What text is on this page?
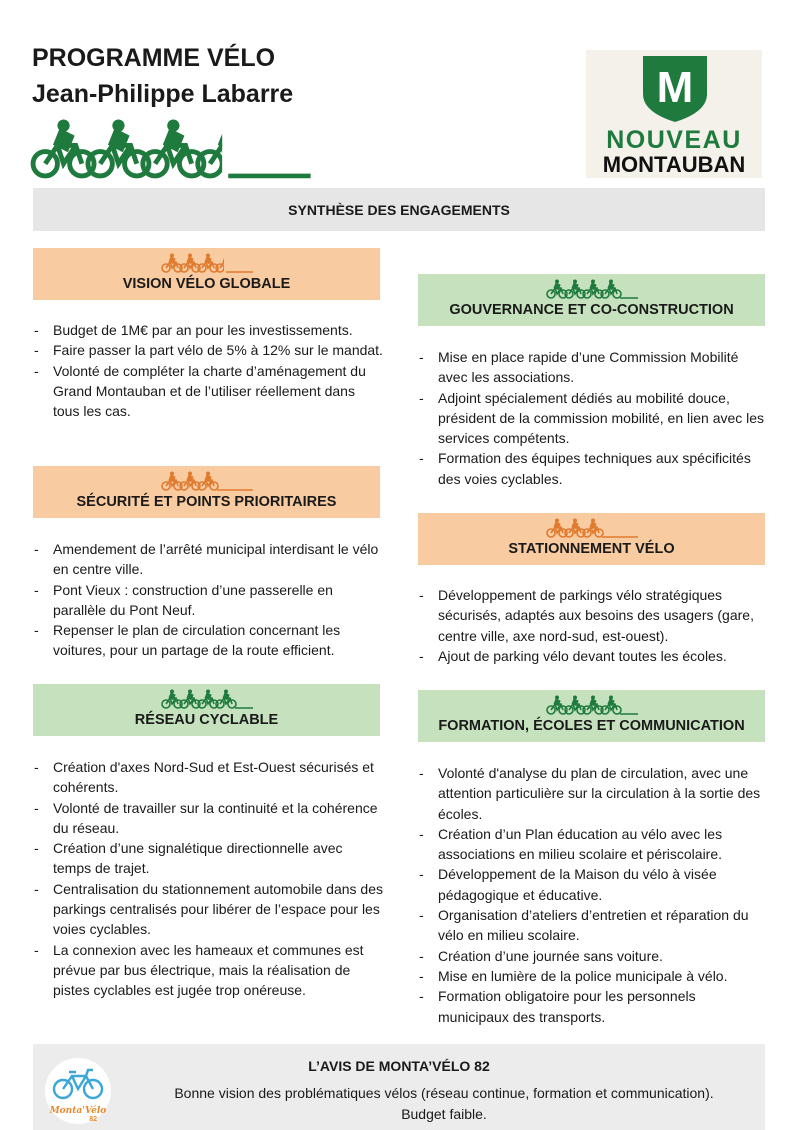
PROGRAMME VÉLO
Jean-Philippe Labarre	M
NOUVEAU
MONTAUBAN
SYNTHÈSE DES ENGAGEMENTS
VISION VÉLO GLOBALE
- Budget de 1M€ par an pour les investissements.
- Faire passer la part vélo de 5% à 12% sur le mandat.
- Volonté de compléter la charte d’aménagement du Grand Montauban et de l’utiliser réellement dans tous les cas.
GOUVERNANCE ET CO-CONSTRUCTION
- Mise en place rapide d’une Commission Mobilité avec les associations.
- Adjoint spécialement dédiés au mobilité douce, président de la commission mobilité, en lien avec les services compétents.
- Formation des équipes techniques aux spécificités des voies cyclables.
SÉCURITÉ ET POINTS PRIORITAIRES
- Amendement de l’arrêté municipal interdisant le vélo en centre ville.
- Pont Vieux : construction d’une passerelle en parallèle du Pont Neuf.
- Repenser le plan de circulation concernant les voitures, pour un partage de la route efficient.
STATIONNEMENT VÉLO
- Développement de parkings vélo stratégiques sécurisés, adaptés aux besoins des usagers (gare, centre ville, axe nord-sud, est-ouest).
- Ajout de parking vélo devant toutes les écoles.
RÉSEAU CYCLABLE
- Création d'axes Nord-Sud et Est-Ouest sécurisés et cohérents.
- Volonté de travailler sur la continuité et la cohérence du réseau.
- Création d’une signalétique directionnelle avec temps de trajet.
- Centralisation du stationnement automobile dans des parkings centralisés pour libérer de l’espace pour les voies cyclables.
- La connexion avec les hameaux et communes est prévue par bus électrique, mais la réalisation de pistes cyclables est jugée trop onéreuse.
FORMATION, ÉCOLES ET COMMUNICATION
- Volonté d'analyse du plan de circulation, avec une attention particulière sur la circulation à la sortie des écoles.
- Création d’un Plan éducation au vélo avec les associations en milieu scolaire et périscolaire.
- Développement de la Maison du vélo à visée pédagogique et éducative.
- Organisation d’ateliers d’entretien et réparation du vélo en milieu scolaire.
- Création d’une journée sans voiture.
- Mise en lumière de la police municipale à vélo.
- Formation obligatoire pour les personnels municipaux des transports.
Monta'Vélo
82
L’AVIS DE MONTA’VÉLO 82
Bonne vision des problématiques vélos (réseau continue, formation et communication).
Budget faible.
